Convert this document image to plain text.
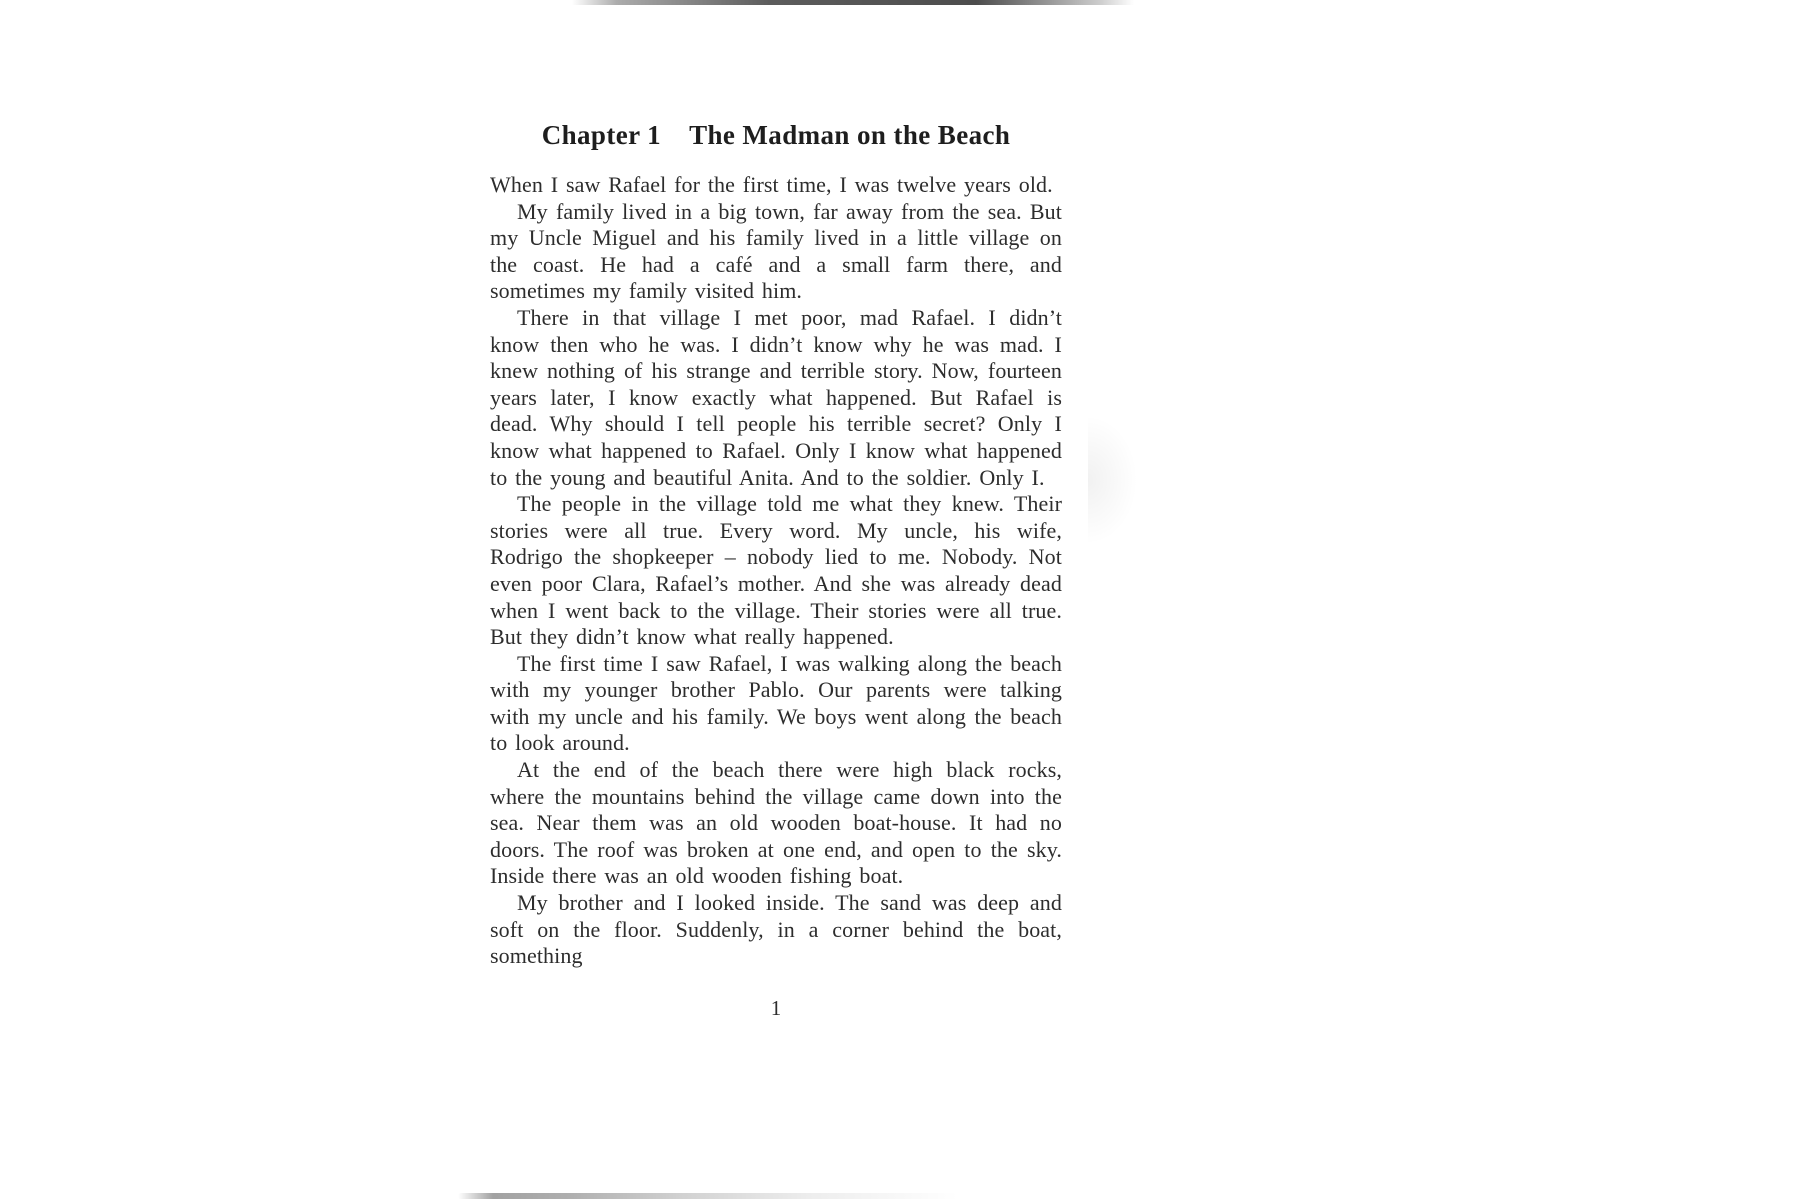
Chapter 1 The Madman on the Beach

When I saw Rafael for the first time, I was twelve years old.

My family lived in a big town, far away from the sea. But my Uncle Miguel and his family lived in a little village on the coast. He had a café and a small farm there, and sometimes my family visited him.

There in that village I met poor, mad Rafael. I didn’t know then who he was. I didn’t know why he was mad. I knew nothing of his strange and terrible story. Now, fourteen years later, I know exactly what happened. But Rafael is dead. Why should I tell people his terrible secret? Only I know what happened to Rafael. Only I know what happened to the young and beautiful Anita. And to the soldier. Only I.

The people in the village told me what they knew. Their stories were all true. Every word. My uncle, his wife, Rodrigo the shopkeeper – nobody lied to me. Nobody. Not even poor Clara, Rafael’s mother. And she was already dead when I went back to the village. Their stories were all true. But they didn’t know what really happened.

The first time I saw Rafael, I was walking along the beach with my younger brother Pablo. Our parents were talking with my uncle and his family. We boys went along the beach to look around.

At the end of the beach there were high black rocks, where the mountains behind the village came down into the sea. Near them was an old wooden boat-house. It had no doors. The roof was broken at one end, and open to the sky. Inside there was an old wooden fishing boat.

My brother and I looked inside. The sand was deep and soft on the floor. Suddenly, in a corner behind the boat, something

1
